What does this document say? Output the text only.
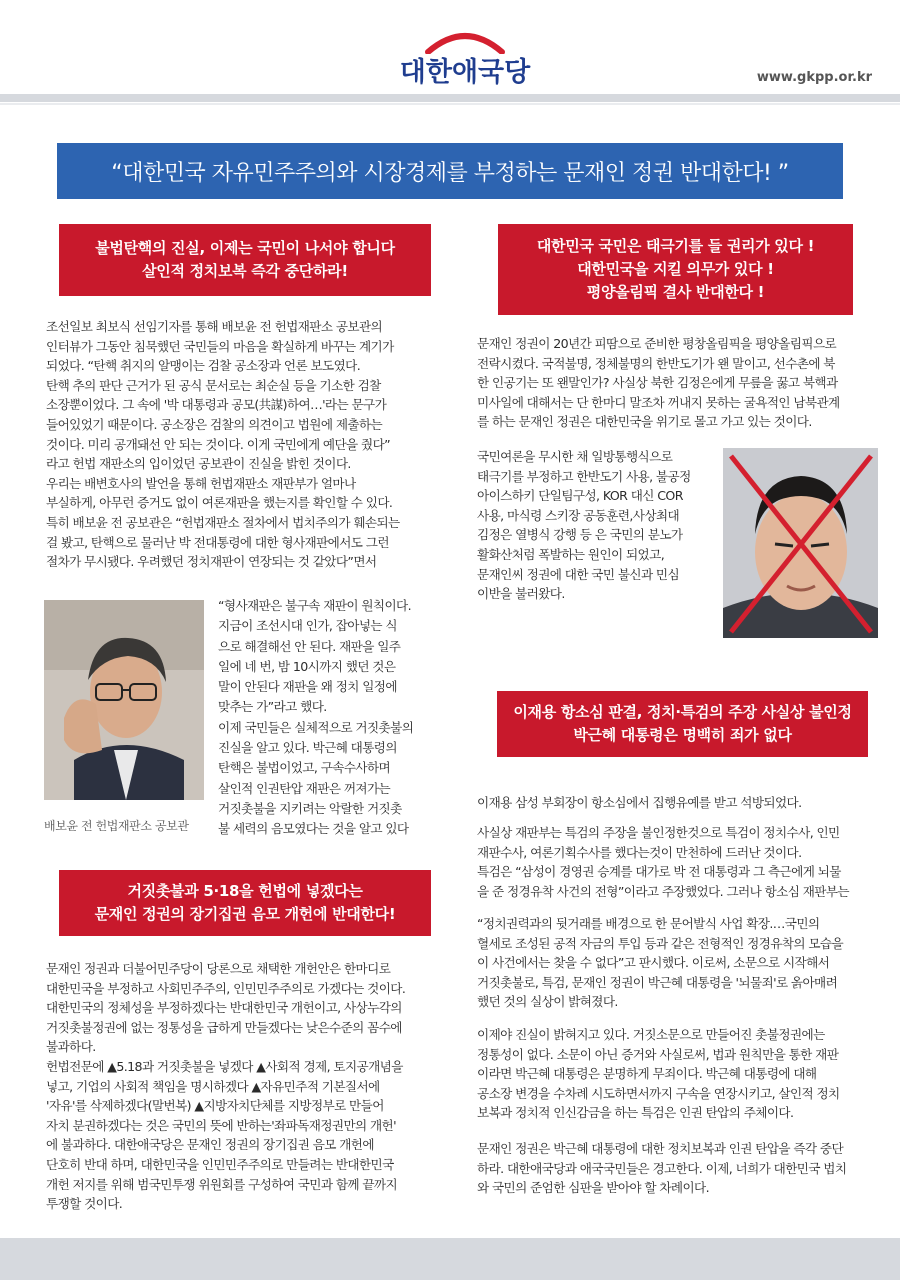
대한애국당	www.gkpp.or.kr
“대한민국 자유민주주의와 시장경제를 부정하는 문재인 정권 반대한다! ”
불법탄핵의 진실, 이제는 국민이 나서야 합니다
살인적 정치보복 즉각 중단하라!

조선일보 최보식 선임기자를 통해 배보윤 전 헌법재판소 공보관의

인터뷰가 그동안 침묵했던 국민들의 마음을 확실하게 바꾸는 계기가

되었다. “탄핵 취지의 알맹이는 검찰 공소장과 언론 보도였다.

탄핵 추의 판단 근거가 된 공식 문서로는 최순실 등을 기소한 검찰

소장뿐이었다. 그 속에 '박 대통령과 공모(共謀)하여…'라는 문구가

들어있었기 때문이다. 공소장은 검찰의 의견이고 법원에 제출하는

것이다. 미리 공개돼선 안 되는 것이다. 이게 국민에게 예단을 줬다”

라고 헌법 재판소의 입이었던 공보관이 진실을 밝힌 것이다.

우리는 배변호사의 발언을 통해 헌법재판소 재판부가 얼마나

부실하게, 아무런 증거도 없이 여론재판을 했는지를 확인할 수 있다.

특히 배보윤 전 공보관은 “헌법재판소 절차에서 법치주의가 훼손되는

걸 봤고, 탄핵으로 물러난 박 전대통령에 대한 형사재판에서도 그런

절차가 무시됐다. 우려했던 정치재판이 연장되는 것 같았다”면서

“형사재판은 불구속 재판이 원칙이다.

지금이 조선시대 인가, 잡아넣는 식

으로 해결해선 안 된다. 재판을 일주

일에 네 번, 밤 10시까지 했던 것은

말이 안된다 재판을 왜 정치 일정에

맞추는 가”라고 했다.

이제 국민들은 실체적으로 거짓촛불의

진실을 알고 있다. 박근혜 대통령의

탄핵은 불법이었고, 구속수사하며

살인적 인권탄압 재판은 꺼져가는

거짓촛불을 지키려는 악랄한 거짓촛

불 세력의 음모였다는 것을 알고 있다

배보윤 전 헌법재판소 공보관
거짓촛불과 5·18을 헌법에 넣겠다는
문재인 정권의 장기집권 음모 개헌에 반대한다!

문재인 정권과 더불어민주당이 당론으로 채택한 개헌안은 한마디로

대한민국을 부정하고 사회민주주의, 인민민주주의로 가겠다는 것이다.

대한민국의 정체성을 부정하겠다는 반대한민국 개헌이고, 사상누각의

거짓촛불정권에 없는 정통성을 급하게 만들겠다는 낮은수준의 꼼수에

불과하다.

헌법전문에 ▲5.18과 거짓촛불을 넣겠다 ▲사회적 경제, 토지공개념을

넣고, 기업의 사회적 책임을 명시하겠다 ▲자유민주적 기본질서에

'자유'를 삭제하겠다(말번복) ▲지방자치단체를 지방정부로 만들어

자치 분권하겠다는 것은 국민의 뜻에 반하는'좌파독재정권만의 개헌'

에 불과하다. 대한애국당은 문재인 정권의 장기집권 음모 개헌에

단호히 반대 하며, 대한민국을 인민민주주의로 만들려는 반대한민국

개헌 저지를 위해 범국민투쟁 위원회를 구성하여 국민과 함께 끝까지

투쟁할 것이다.

대한민국 국민은 태극기를 들 권리가 있다 !
대한민국을 지킬 의무가 있다 !
평양올림픽 결사 반대한다 !

문재인 정권이 20년간 피땀으로 준비한 평창올림픽을 평양올림픽으로

전락시켰다. 국적불명, 정체불명의 한반도기가 왠 말이고, 선수촌에 북

한 인공기는 또 왠말인가? 사실상 북한 김정은에게 무릎을 꿇고 북핵과

미사일에 대해서는 단 한마디 말조차 꺼내지 못하는 굴욕적인 남북관계

를 하는 문재인 정권은 대한민국을 위기로 몰고 가고 있는 것이다.

국민여론을 무시한 채 일방통행식으로

태극기를 부정하고 한반도기 사용, 불공정

아이스하키 단일팀구성, KOR 대신 COR

사용, 마식령 스키장 공동훈련,사상최대

김정은 열병식 강행 등 은 국민의 분노가

활화산처럼 폭발하는 원인이 되었고,

문재인씨 정권에 대한 국민 불신과 민심

이반을 불러왔다.

이재용 항소심 판결, 정치·특검의 주장 사실상 불인정
박근혜 대통령은 명백히 죄가 없다

이재용 삼성 부회장이 항소심에서 집행유예를 받고 석방되었다.

사실상 재판부는 특검의 주장을 불인정한것으로 특검이 정치수사, 인민

재판수사, 여론기획수사를 했다는것이 만천하에 드러난 것이다.

특검은 “삼성이 경영권 승계를 대가로 박 전 대통령과 그 측근에게 뇌물

을 준 정경유착 사건의 전형”이라고 주장했었다. 그러나 항소심 재판부는

“정치권력과의 뒷거래를 배경으로 한 문어발식 사업 확장.…국민의

혈세로 조성된 공적 자금의 투입 등과 같은 전형적인 정경유착의 모습을

이 사건에서는 찾을 수 없다”고 판시했다. 이로써, 소문으로 시작해서

거짓촛불로, 특검, 문재인 정권이 박근혜 대통령을 '뇌물죄'로 옭아매려

했던 것의 실상이 밝혀졌다.

이제야 진실이 밝혀지고 있다. 거짓소문으로 만들어진 촛불정권에는

정통성이 없다. 소문이 아닌 증거와 사실로써, 법과 원칙만을 통한 재판

이라면 박근혜 대통령은 분명하게 무죄이다. 박근혜 대통령에 대해

공소장 변경을 수차례 시도하면서까지 구속을 연장시키고, 살인적 정치

보복과 정치적 인신감금을 하는 특검은 인권 탄압의 주체이다.

문재인 정권은 박근혜 대통령에 대한 정치보복과 인권 탄압을 즉각 중단

하라. 대한애국당과 애국국민들은 경고한다. 이제, 너희가 대한민국 법치

와 국민의 준엄한 심판을 받아야 할 차례이다.
